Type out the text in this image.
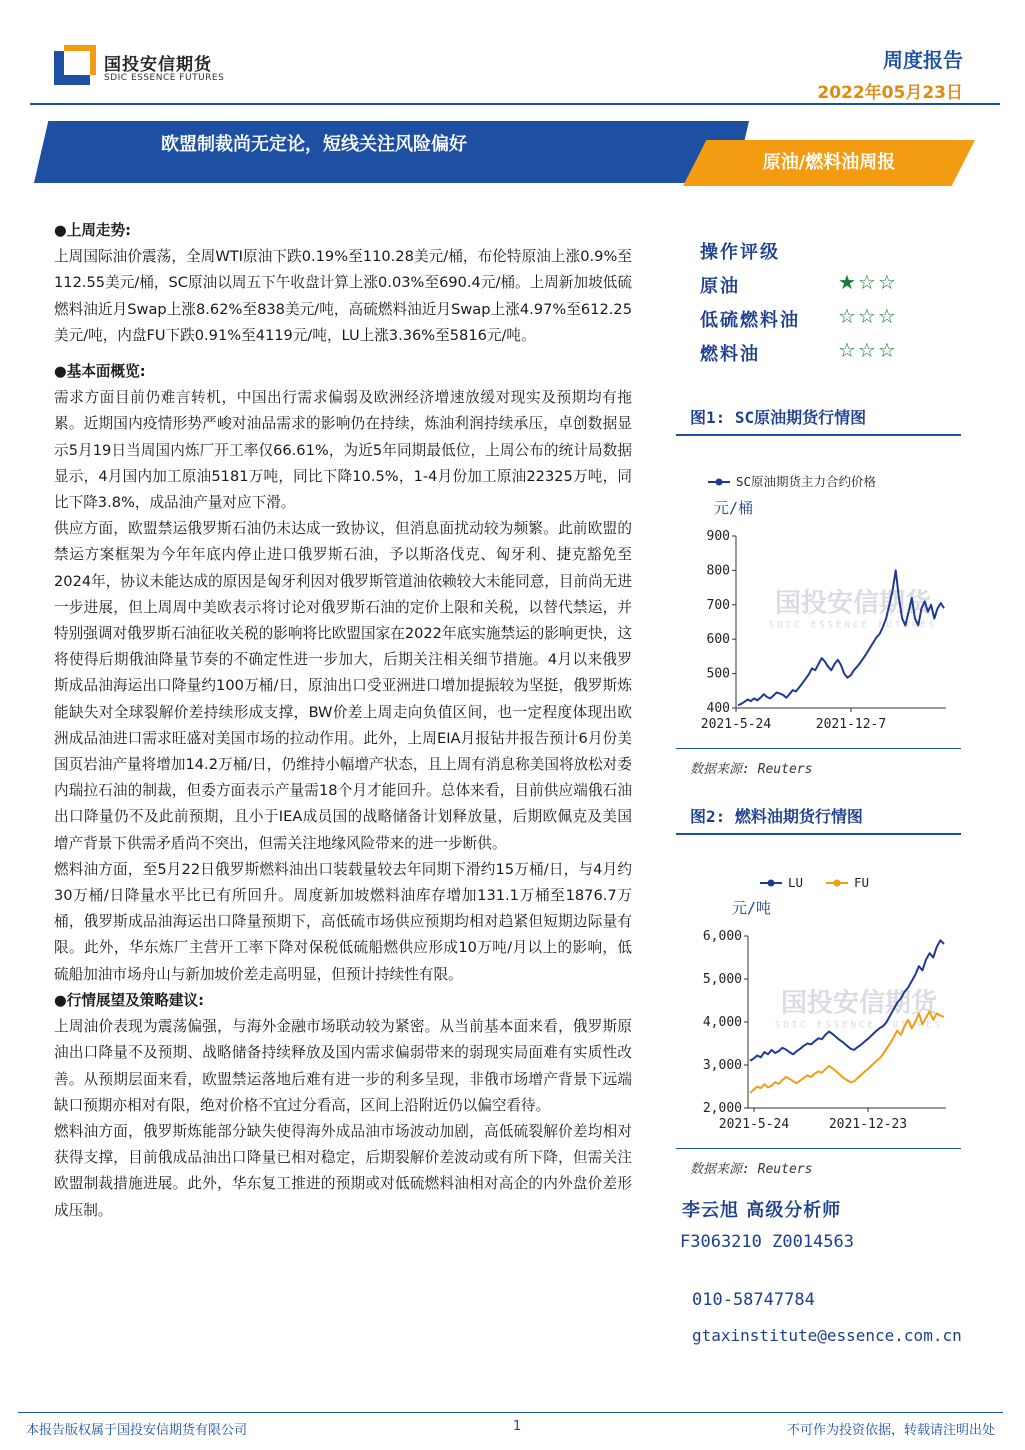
国投安信期货
SDIC ESSENCE FUTURES
周度报告
2022年05月23日
欧盟制裁尚无定论，短线关注风险偏好
原油/燃料油周报
●上周走势:

上周国际油价震荡，全周WTI原油下跌0.19%至110.28美元/桶，布伦特原油上涨0.9%至112.55美元/桶，SC原油以周五下午收盘计算上涨0.03%至690.4元/桶。上周新加坡低硫燃料油近月Swap上涨8.62%至838美元/吨，高硫燃料油近月Swap上涨4.97%至612.25美元/吨，内盘FU下跌0.91%至4119元/吨，LU上涨3.36%至5816元/吨。

●基本面概览:

需求方面目前仍难言转机，中国出行需求偏弱及欧洲经济增速放缓对现实及预期均有拖累。近期国内疫情形势严峻对油品需求的影响仍在持续，炼油利润持续承压，卓创数据显示5月19日当周国内炼厂开工率仅66.61%，为近5年同期最低位，上周公布的统计局数据显示，4月国内加工原油5181万吨，同比下降10.5%，1-4月份加工原油22325万吨，同比下降3.8%，成品油产量对应下滑。

供应方面，欧盟禁运俄罗斯石油仍未达成一致协议，但消息面扰动较为频繁。此前欧盟的禁运方案框架为今年年底内停止进口俄罗斯石油，予以斯洛伐克、匈牙利、捷克豁免至2024年，协议未能达成的原因是匈牙利因对俄罗斯管道油依赖较大未能同意，目前尚无进一步进展，但上周周中美欧表示将讨论对俄罗斯石油的定价上限和关税，以替代禁运，并特别强调对俄罗斯石油征收关税的影响将比欧盟国家在2022年底实施禁运的影响更快，这将使得后期俄油降量节奏的不确定性进一步加大，后期关注相关细节措施。4月以来俄罗斯成品油海运出口降量约100万桶/日，原油出口受亚洲进口增加提振较为坚挺，俄罗斯炼能缺失对全球裂解价差持续形成支撑，BW价差上周走向负值区间，也一定程度体现出欧洲成品油进口需求旺盛对美国市场的拉动作用。此外，上周EIA月报钻井报告预计6月份美国页岩油产量将增加14.2万桶/日，仍维持小幅增产状态，且上周有消息称美国将放松对委内瑞拉石油的制裁，但委方面表示产量需18个月才能回升。总体来看，目前供应端俄石油出口降量仍不及此前预期，且小于IEA成员国的战略储备计划释放量，后期欧佩克及美国增产背景下供需矛盾尚不突出，但需关注地缘风险带来的进一步断供。

燃料油方面，至5月22日俄罗斯燃料油出口装载量较去年同期下滑约15万桶/日，与4月约30万桶/日降量水平比已有所回升。周度新加坡燃料油库存增加131.1万桶至1876.7万桶，俄罗斯成品油海运出口降量预期下，高低硫市场供应预期均相对趋紧但短期边际量有限。此外，华东炼厂主营开工率下降对保税低硫船燃供应形成10万吨/月以上的影响，低硫船加油市场舟山与新加坡价差走高明显，但预计持续性有限。

●行情展望及策略建议:

上周油价表现为震荡偏强，与海外金融市场联动较为紧密。从当前基本面来看，俄罗斯原油出口降量不及预期、战略储备持续释放及国内需求偏弱带来的弱现实局面难有实质性改善。从预期层面来看，欧盟禁运落地后难有进一步的利多呈现，非俄市场增产背景下远端缺口预期亦相对有限，绝对价格不宜过分看高，区间上沿附近仍以偏空看待。

燃料油方面，俄罗斯炼能部分缺失使得海外成品油市场波动加剧，高低硫裂解价差均相对获得支撑，目前俄成品油出口降量已相对稳定，后期裂解价差波动或有所下降，但需关注欧盟制裁措施进展。此外，华东复工推进的预期或对低硫燃料油相对高企的内外盘价差形成压制。

操作评级
原油	★☆☆
低硫燃料油 ☆☆☆
燃料油	☆☆☆
图1: SC原油期货行情图
国投安信期货
SDIC ESSENCE FUTURES
SC原油期货主力合约价格
元/桶
900
800
700
600
500
400
2021-5-24	2021-12-7
数据来源: Reuters
图2: 燃料油期货行情图
国投安信期货
SDIC ESSENCE FUTURES
LU	FU
元/吨
6,000
5,000
4,000
3,000
2,000
2021-5-24	2021-12-23
数据来源: Reuters
李云旭 高级分析师
F3063210 Z0014563
010-58747784
gtaxinstitute@essence.com.cn
本报告版权属于国投安信期货有限公司	1	不可作为投资依据，转载请注明出处
